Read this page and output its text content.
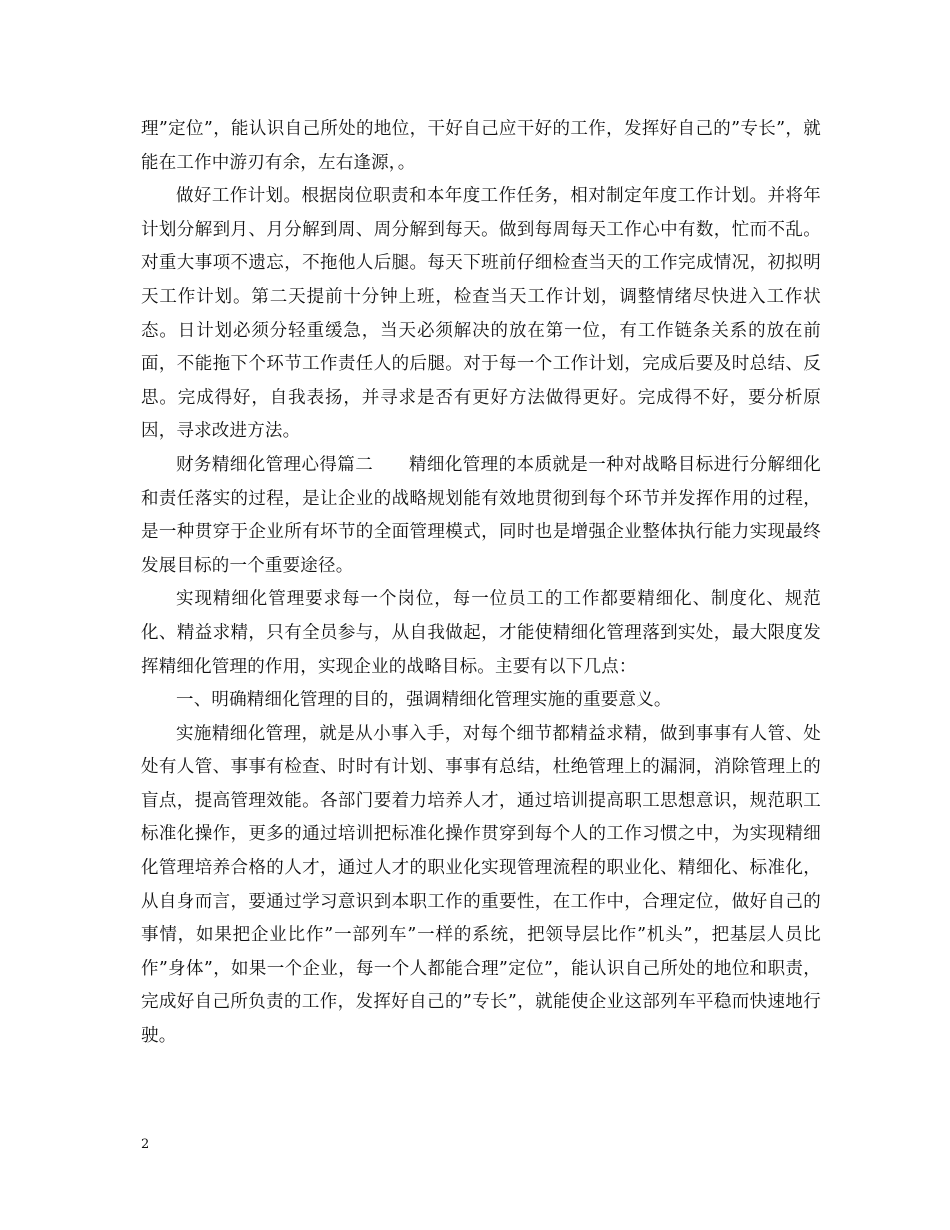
理”定位”，能认识自己所处的地位，干好自己应干好的工作，发挥好自己的”专长”，就能在工作中游刃有余，左右逢源，。

做好工作计划。根据岗位职责和本年度工作任务，相对制定年度工作计划。并将年计划分解到月、月分解到周、周分解到每天。做到每周每天工作心中有数，忙而不乱。对重大事项不遗忘，不拖他人后腿。每天下班前仔细检查当天的工作完成情况，初拟明天工作计划。第二天提前十分钟上班，检查当天工作计划，调整情绪尽快进入工作状态。日计划必须分轻重缓急，当天必须解决的放在第一位，有工作链条关系的放在前面，不能拖下个环节工作责任人的后腿。对于每一个工作计划，完成后要及时总结、反思。完成得好，自我表扬，并寻求是否有更好方法做得更好。完成得不好，要分析原因，寻求改进方法。

财务精细化管理心得篇二　　精细化管理的本质就是一种对战略目标进行分解细化和责任落实的过程，是让企业的战略规划能有效地贯彻到每个环节并发挥作用的过程，是一种贯穿于企业所有坏节的全面管理模式，同时也是增强企业整体执行能力实现最终发展目标的一个重要途径。

实现精细化管理要求每一个岗位，每一位员工的工作都要精细化、制度化、规范化、精益求精，只有全员参与，从自我做起，才能使精细化管理落到实处，最大限度发挥精细化管理的作用，实现企业的战略目标。主要有以下几点：

一、明确精细化管理的目的，强调精细化管理实施的重要意义。

实施精细化管理，就是从小事入手，对每个细节都精益求精，做到事事有人管、处处有人管、事事有检查、时时有计划、事事有总结，杜绝管理上的漏洞，消除管理上的盲点，提高管理效能。各部门要着力培养人才，通过培训提高职工思想意识，规范职工标准化操作，更多的通过培训把标准化操作贯穿到每个人的工作习惯之中，为实现精细化管理培养合格的人才，通过人才的职业化实现管理流程的职业化、精细化、标准化，从自身而言，要通过学习意识到本职工作的重要性，在工作中，合理定位，做好自己的事情，如果把企业比作”一部列车”一样的系统，把领导层比作”机头”，把基层人员比作”身体”，如果一个企业，每一个人都能合理”定位”，能认识自己所处的地位和职责，完成好自己所负责的工作，发挥好自己的”专长”，就能使企业这部列车平稳而快速地行驶。

2
